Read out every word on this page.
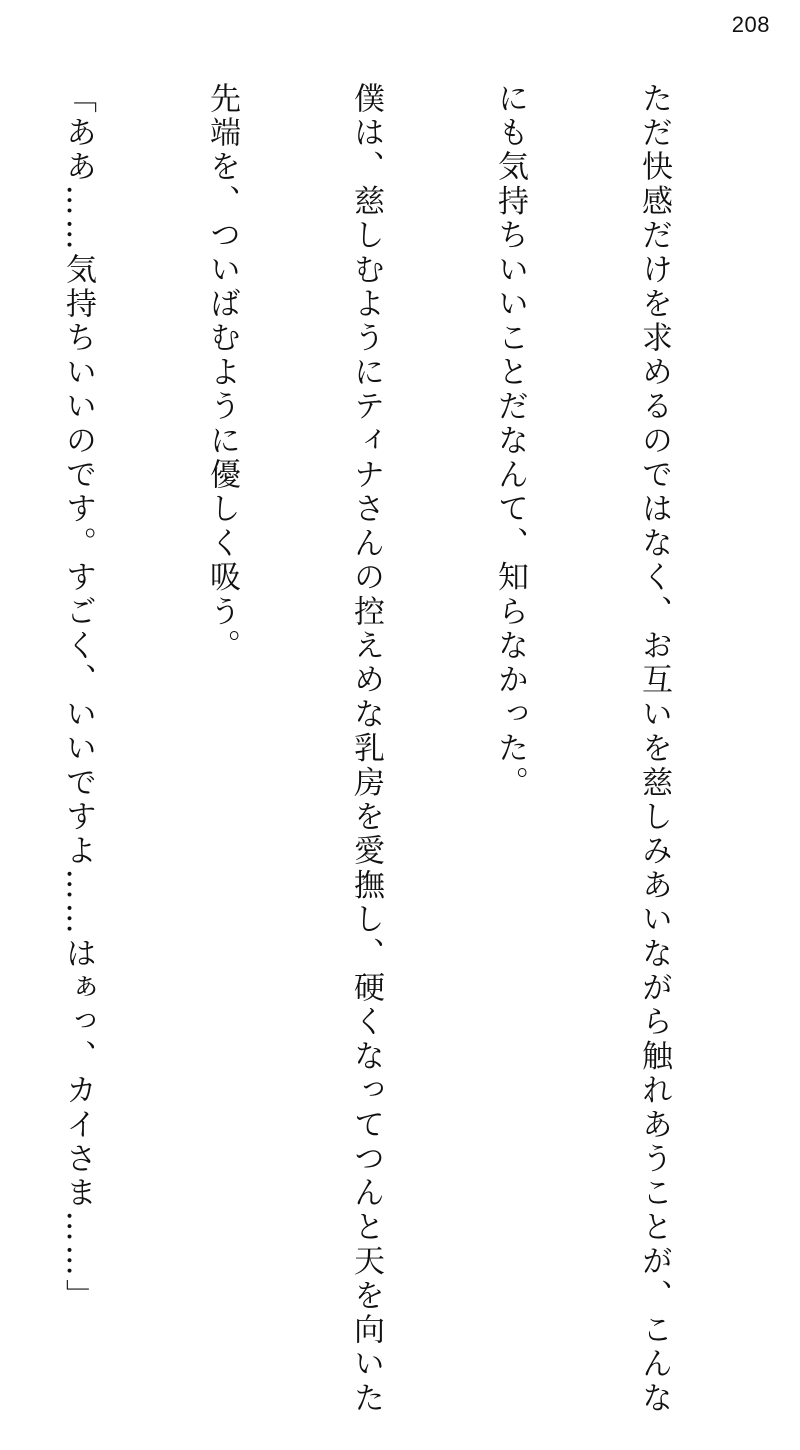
208

ただ快感だけを求めるのではなく、お互いを慈しみあいながら触れあうことが、こんな

にも気持ちいいことだなんて、知らなかった。

僕は、慈しむようにティナさんの控えめな乳房を愛撫し、硬くなってつんと天を向いた

先端を、ついばむように優しく吸う。

「ああ……気持ちいいのです。すごく、いいですよ……はぁっ、カイさま……」
